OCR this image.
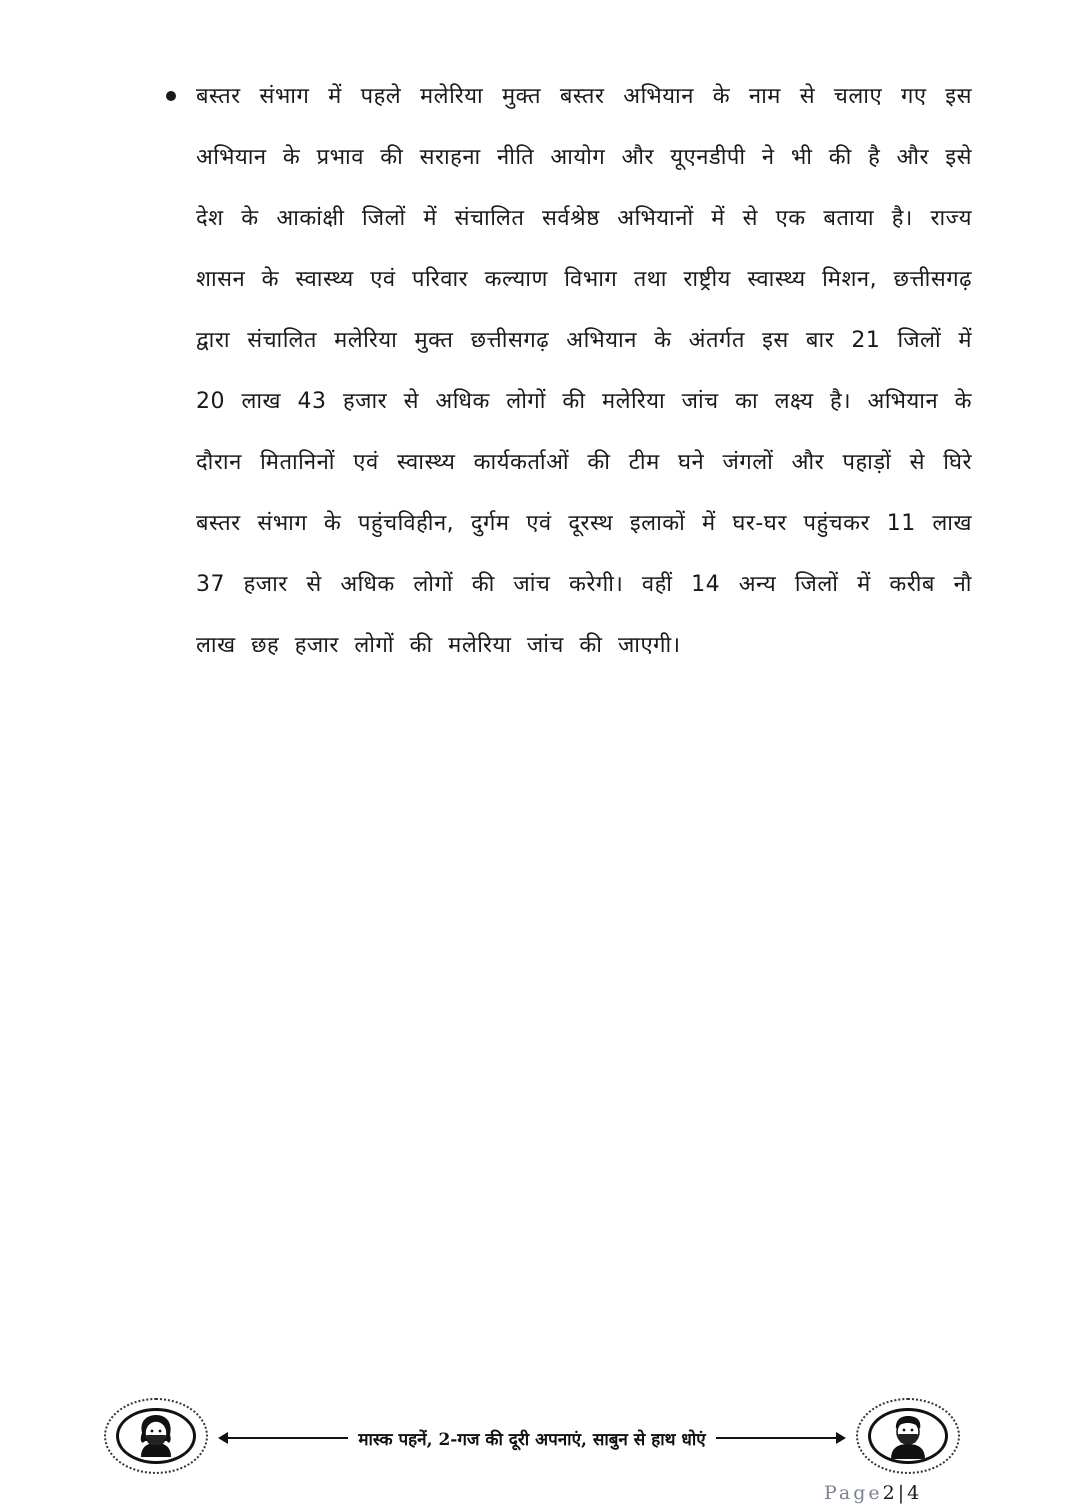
बस्तर संभाग में पहले मलेरिया मुक्त बस्तर अभियान के नाम से चलाए गए इस अभियान के प्रभाव की सराहना नीति आयोग और यूएनडीपी ने भी की है और इसे देश के आकांक्षी जिलों में संचालित सर्वश्रेष्ठ अभियानों में से एक बताया है। राज्य शासन के स्वास्थ्य एवं परिवार कल्याण विभाग तथा राष्ट्रीय स्वास्थ्य मिशन, छत्तीसगढ़ द्वारा संचालित मलेरिया मुक्त छत्तीसगढ़ अभियान के अंतर्गत इस बार 21 जिलों में 20 लाख 43 हजार से अधिक लोगों की मलेरिया जांच का लक्ष्य है। अभियान के दौरान मितानिनों एवं स्वास्थ्य कार्यकर्ताओं की टीम घने जंगलों और पहाड़ों से घिरे बस्तर संभाग के पहुंचविहीन, दुर्गम एवं दूरस्थ इलाकों में घर-घर पहुंचकर 11 लाख 37 हजार से अधिक लोगों की जांच करेगी। वहीं 14 अन्य जिलों में करीब नौ लाख छह हजार लोगों की मलेरिया जांच की जाएगी।

मास्क पहनें, 2-गज की दूरी अपनाएं, साबुन से हाथ धोएं
Page2 | 4
